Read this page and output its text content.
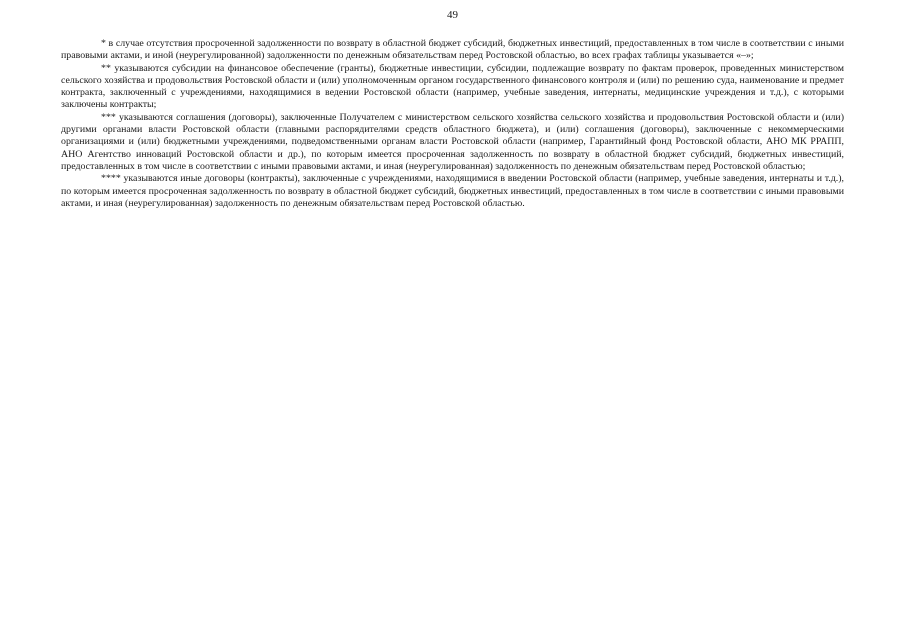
49

* в случае отсутствия просроченной задолженности по возврату в областной бюджет субсидий, бюджетных инвестиций, предоставленных в том числе в соответствии с иными правовыми актами, и иной (неурегулированной) задолженности по денежным обязательствам перед Ростовской областью, во всех графах таблицы указывается «–»;

** указываются субсидии на финансовое обеспечение (гранты), бюджетные инвестиции, субсидии, подлежащие возврату по фактам проверок, проведенных министерством сельского хозяйства и продовольствия Ростовской области и (или) уполномоченным органом государственного финансового контроля и (или) по решению суда, наименование и предмет контракта, заключенный с учреждениями, находящимися в ведении Ростовской области (например, учебные заведения, интернаты, медицинские учреждения и т.д.), с которыми заключены контракты;

*** указываются соглашения (договоры), заключенные Получателем с министерством сельского хозяйства сельского хозяйства и продовольствия Ростовской области и (или) другими органами власти Ростовской области (главными распорядителями средств областного бюджета), и (или) соглашения (договоры), заключенные с некоммерческими организациями и (или) бюджетными учреждениями, подведомственными органам власти Ростовской области (например, Гарантийный фонд Ростовской области, АНО МК РРАПП, АНО Агентство инноваций Ростовской области и др.), по которым имеется просроченная задолженность по возврату в областной бюджет субсидий, бюджетных инвестиций, предоставленных в том числе в соответствии с иными правовыми актами, и иная (неурегулированная) задолженность по денежным обязательствам перед Ростовской областью;

**** указываются иные договоры (контракты), заключенные с учреждениями, находящимися в введении Ростовской области (например, учебные заведения, интернаты и т.д.), по которым имеется просроченная задолженность по возврату в областной бюджет субсидий, бюджетных инвестиций, предоставленных в том числе в соответствии с иными правовыми актами, и иная (неурегулированная) задолженность по денежным обязательствам перед Ростовской областью.
